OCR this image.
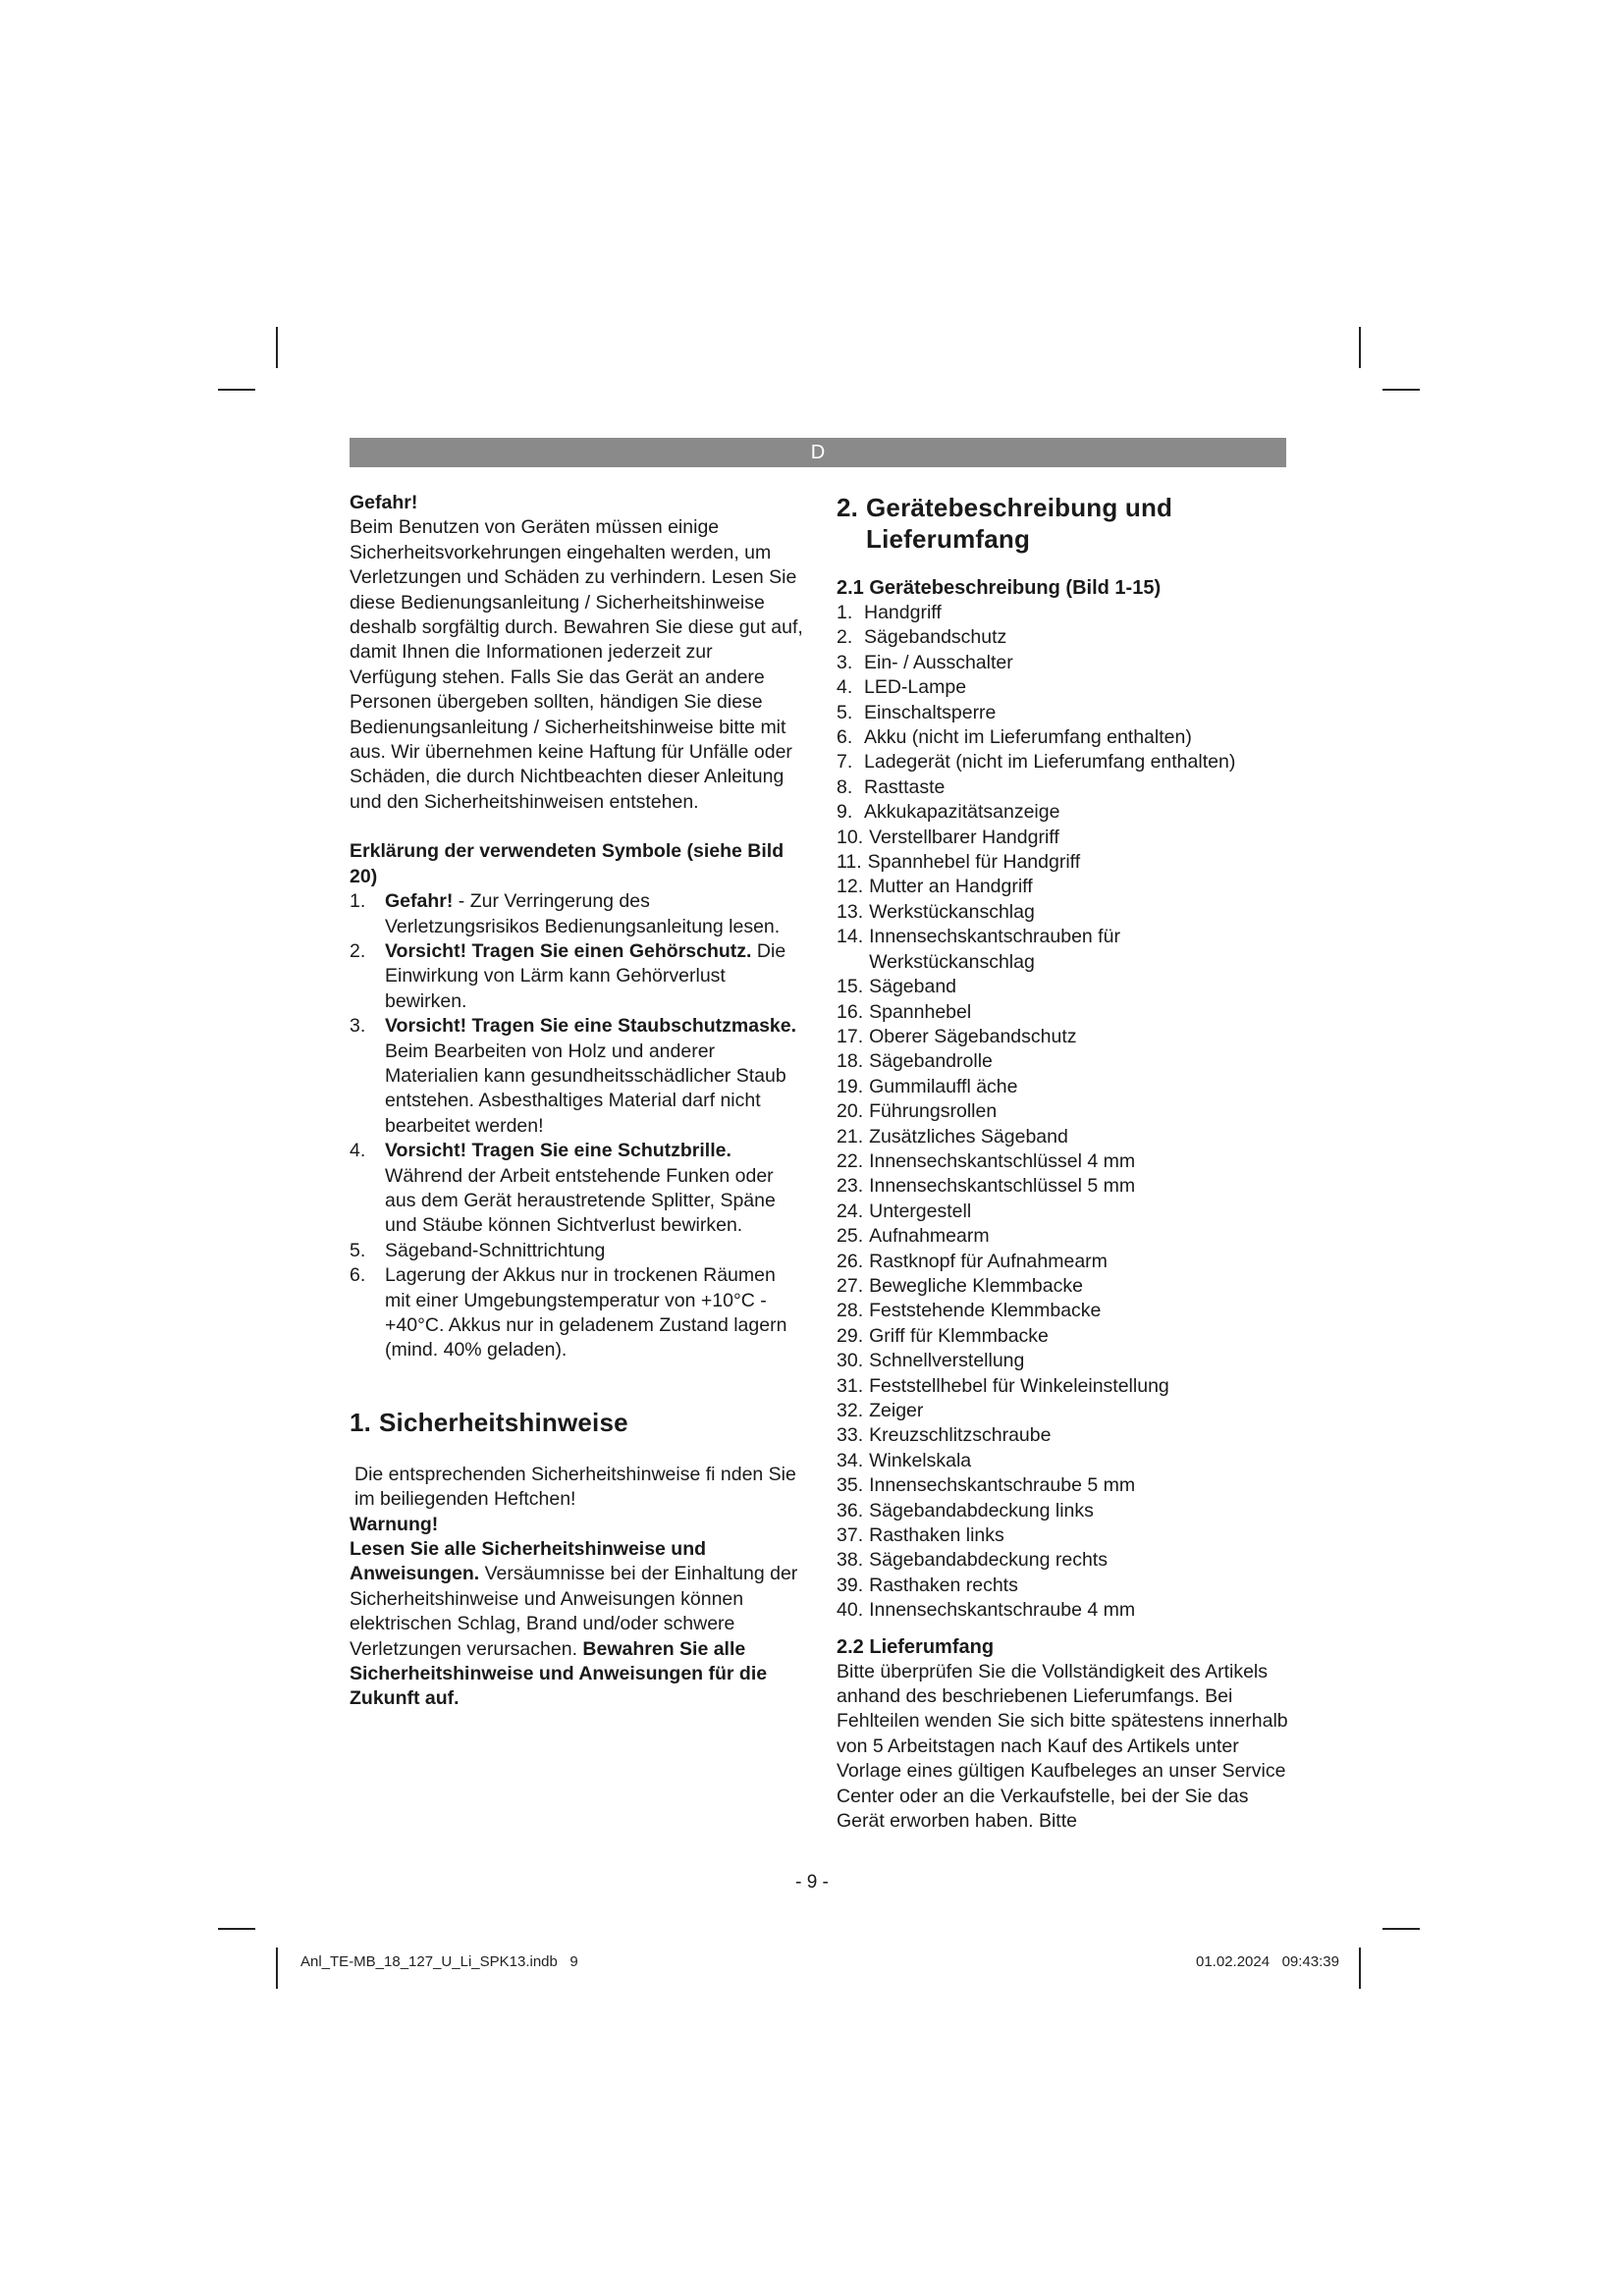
D

Gefahr!

Beim Benutzen von Geräten müssen einige Sicherheitsvorkehrungen eingehalten werden, um Verletzungen und Schäden zu verhindern. Lesen Sie diese Bedienungsanleitung / Sicherheitshinweise deshalb sorgfältig durch. Bewahren Sie diese gut auf, damit Ihnen die Informationen jederzeit zur Verfügung stehen. Falls Sie das Gerät an andere Personen übergeben sollten, händigen Sie diese Bedienungsanleitung / Sicherheitshinweise bitte mit aus. Wir übernehmen keine Haftung für Unfälle oder Schäden, die durch Nichtbeachten dieser Anleitung und den Sicherheitshinweisen entstehen.

Erklärung der verwendeten Symbole (siehe Bild 20)

1.	Gefahr! - Zur Verringerung des Verletzungsrisikos Bedienungsanleitung lesen.
2.	Vorsicht! Tragen Sie einen Gehörschutz. Die Einwirkung von Lärm kann Gehörverlust bewirken.
3.	Vorsicht! Tragen Sie eine Staubschutzmaske. Beim Bearbeiten von Holz und anderer Materialien kann gesundheitsschädlicher Staub entstehen. Asbesthaltiges Material darf nicht bearbeitet werden!
4.	Vorsicht! Tragen Sie eine Schutzbrille. Während der Arbeit entstehende Funken oder aus dem Gerät heraustretende Splitter, Späne und Stäube können Sichtverlust bewirken.
5.	Sägeband-Schnittrichtung
6.	Lagerung der Akkus nur in trockenen Räumen mit einer Umgebungstemperatur von +10°C - +40°C. Akkus nur in geladenem Zustand lagern (mind. 40% geladen).
1. Sicherheitshinweise

Die entsprechenden Sicherheitshinweise fi nden Sie im beiliegenden Heftchen!

Warnung!

Lesen Sie alle Sicherheitshinweise und Anweisungen. Versäumnisse bei der Einhaltung der Sicherheitshinweise und Anweisungen können elektrischen Schlag, Brand und/oder schwere Verletzungen verursachen. Bewahren Sie alle Sicherheitshinweise und Anweisungen für die Zukunft auf.

2. Gerätebeschreibung und
Lieferumfang
2.1 Gerätebeschreibung (Bild 1-15)
1. Handgriff
2. Sägebandschutz
3. Ein- / Ausschalter
4. LED-Lampe
5. Einschaltsperre
6. Akku (nicht im Lieferumfang enthalten)
7. Ladegerät (nicht im Lieferumfang enthalten)
8. Rasttaste
9. Akkukapazitätsanzeige
10. Verstellbarer Handgriff
11. Spannhebel für Handgriff
12. Mutter an Handgriff
13. Werkstückanschlag
14. Innensechskantschrauben für Werkstückanschlag
15. Sägeband
16. Spannhebel
17. Oberer Sägebandschutz
18. Sägebandrolle
19. Gummilauffl äche
20. Führungsrollen
21. Zusätzliches Sägeband
22. Innensechskantschlüssel 4 mm
23. Innensechskantschlüssel 5 mm
24. Untergestell
25. Aufnahmearm
26. Rastknopf für Aufnahmearm
27. Bewegliche Klemmbacke
28. Feststehende Klemmbacke
29. Griff für Klemmbacke
30. Schnellverstellung
31. Feststellhebel für Winkeleinstellung
32. Zeiger
33. Kreuzschlitzschraube
34. Winkelskala
35. Innensechskantschraube 5 mm
36. Sägebandabdeckung links
37. Rasthaken links
38. Sägebandabdeckung rechts
39. Rasthaken rechts
40. Innensechskantschraube 4 mm
2.2 Lieferumfang

Bitte überprüfen Sie die Vollständigkeit des Artikels anhand des beschriebenen Lieferumfangs. Bei Fehlteilen wenden Sie sich bitte spätestens innerhalb von 5 Arbeitstagen nach Kauf des Artikels unter Vorlage eines gültigen Kaufbeleges an unser Service Center oder an die Verkaufstelle, bei der Sie das Gerät erworben haben. Bitte

- 9 -
Anl_TE-MB_18_127_U_Li_SPK13.indb   9	01.02.2024   09:43:39
